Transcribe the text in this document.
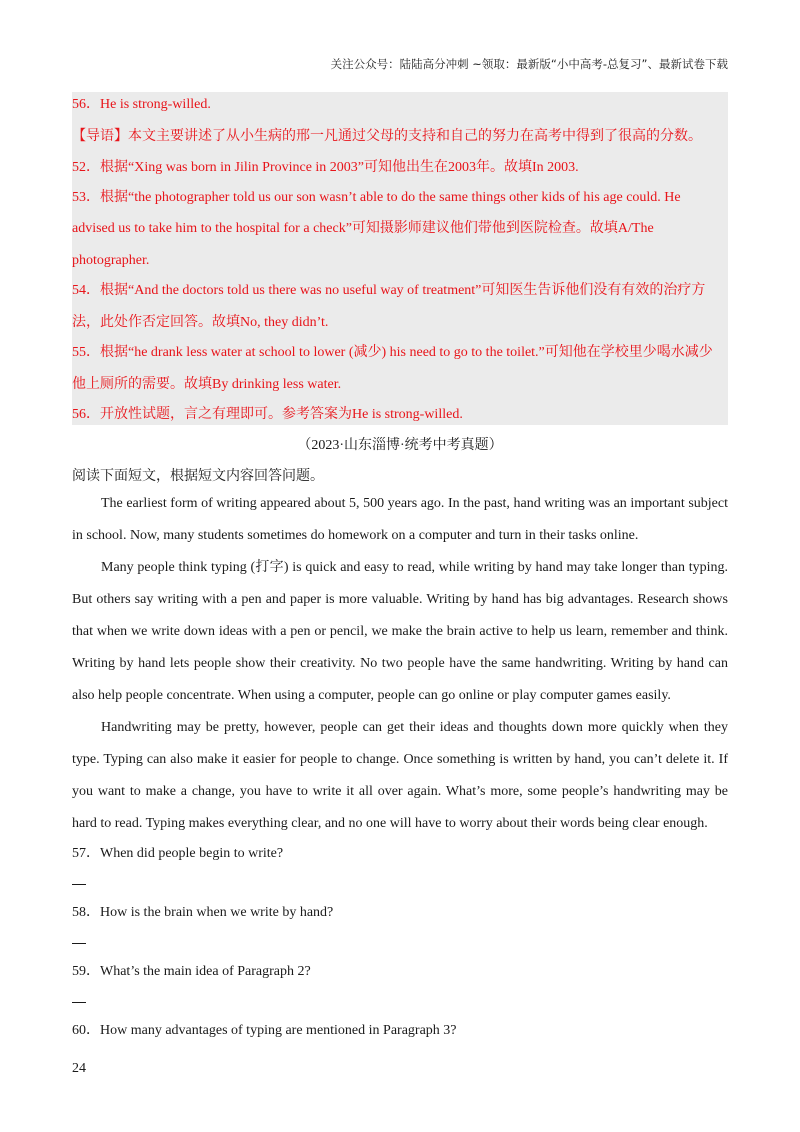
关注公众号：陆陆高分冲刺 ~领取：最新版“小中高考-总复习”、最新试卷下载

56．He is strong-willed.

【导语】本文主要讲述了从小生病的邢一凡通过父母的支持和自己的努力在高考中得到了很高的分数。

52．根据“Xing was born in Jilin Province in 2003”可知他出生在2003年。故填In 2003.

53．根据“the photographer told us our son wasn’t able to do the same things other kids of his age could. He

advised us to take him to the hospital for a check”可知摄影师建议他们带他到医院检查。故填A/The

photographer.

54．根据“And the doctors told us there was no useful way of treatment”可知医生告诉他们没有有效的治疗方

法，此处作否定回答。故填No, they didn’t.

55．根据“he drank less water at school to lower (减少) his need to go to the toilet.”可知他在学校里少喝水减少

他上厕所的需要。故填By drinking less water.

56．开放性试题，言之有理即可。参考答案为He is strong-willed.

（2023·山东淄博·统考中考真题）
阅读下面短文，根据短文内容回答问题。

The earliest form of writing appeared about 5, 500 years ago. In the past, hand writing was an important subject in school. Now, many students sometimes do homework on a computer and turn in their tasks online.

Many people think typing (打字) is quick and easy to read, while writing by hand may take longer than typing. But others say writing with a pen and paper is more valuable. Writing by hand has big advantages. Research shows that when we write down ideas with a pen or pencil, we make the brain active to help us learn, remember and think. Writing by hand lets people show their creativity. No two people have the same handwriting. Writing by hand can also help people concentrate. When using a computer, people can go online or play computer games easily.

Handwriting may be pretty, however, people can get their ideas and thoughts down more quickly when they type. Typing can also make it easier for people to change. Once something is written by hand, you can’t delete it. If you want to make a change, you have to write it all over again. What’s more, some people’s handwriting may be hard to read. Typing makes everything clear, and no one will have to worry about their words being clear enough.

57．When did people begin to write?
58．How is the brain when we write by hand?
59．What’s the main idea of Paragraph 2?
60．How many advantages of typing are mentioned in Paragraph 3?
24
